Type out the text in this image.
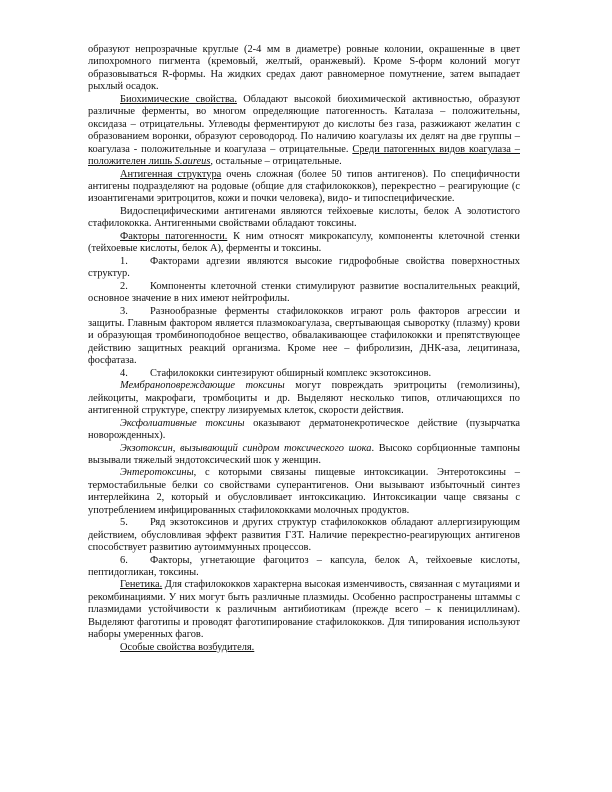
образуют непрозрачные круглые (2-4 мм в диаметре) ровные колонии, окрашенные в цвет липохромного пигмента (кремовый, желтый, оранжевый). Кроме S-форм колоний могут образовываться R-формы. На жидких средах дают равномерное помутнение, затем выпадает рыхлый осадок.

Биохимические свойства. Обладают высокой биохимической активностью, образуют различные ферменты, во многом определяющие патогенность. Каталаза – положительны, оксидаза – отрицательны. Углеводы ферментируют до кислоты без газа, разжижают желатин с образованием воронки, образуют сероводород. По наличию коагулазы их делят на две группы – коагулаза - положительные и коагулаза – отрицательные. Среди патогенных видов коагулаза – положителен лишь S.aureus, остальные – отрицательные.

Антигенная структура очень сложная (более 50 типов антигенов). По специфичности антигены подразделяют на родовые (общие для стафилококков), перекрестно – реагирующие (с изоантигенами эритроцитов, кожи и почки человека), видо- и типоспецифические.

Видоспецифическими антигенами являются тейхоевые кислоты, белок А золотистого стафилококка. Антигенными свойствами обладают токсины.

Факторы патогенности. К ним относят микрокапсулу, компоненты клеточной стенки (тейхоевые кислоты, белок А), ферменты и токсины.

1. Факторами адгезии являются высокие гидрофобные свойства поверхностных структур.

2. Компоненты клеточной стенки стимулируют развитие воспалительных реакций, основное значение в них имеют нейтрофилы.

3. Разнообразные ферменты стафилококков играют роль факторов агрессии и защиты. Главным фактором является плазмокоагулаза, свертывающая сыворотку (плазму) крови и образующая тромбиноподобное вещество, обвалакивающее стафилококки и препятствующее действию защитных реакций организма. Кроме нее – фибролизин, ДНК-аза, лецитиназа, фосфатаза.

4. Стафилококки синтезируют обширный комплекс экзотоксинов.

Мембраноповреждающие токсины могут повреждать эритроциты (гемолизины), лейкоциты, макрофаги, тромбоциты и др. Выделяют несколько типов, отличающихся по антигенной структуре, спектру лизируемых клеток, скорости действия.

Эксфолиативные токсины оказывают дерматонекротическое действие (пузырчатка новорожденных).

Экзотоксин, вызывающий синдром токсического шока. Высоко сорбционные тампоны вызывали тяжелый эндотоксический шок у женщин.

Энтеротоксины, с которыми связаны пищевые интоксикации. Энтеротоксины – термостабильные белки со свойствами суперантигенов. Они вызывают избыточный синтез интерлейкина 2, который и обусловливает интоксикацию. Интоксикации чаще связаны с употреблением инфицированных стафилококками молочных продуктов.

5. Ряд экзотоксинов и других структур стафилококков обладают аллергизирующим действием, обусловливая эффект развития ГЗТ. Наличие перекрестно-реагирующих антигенов способствует развитию аутоиммунных процессов.

6. Факторы, угнетающие фагоцитоз – капсула, белок А, тейхоевые кислоты, пептидогликан, токсины.

Генетика. Для стафилококков характерна высокая изменчивость, связанная с мутациями и рекомбинациями. У них могут быть различные плазмиды. Особенно распространены штаммы с плазмидами устойчивости к различным антибиотикам (прежде всего – к пенициллинам). Выделяют фаготипы и проводят фаготипирование стафилококков. Для типирования используют наборы умеренных фагов.

Особые свойства возбудителя.
